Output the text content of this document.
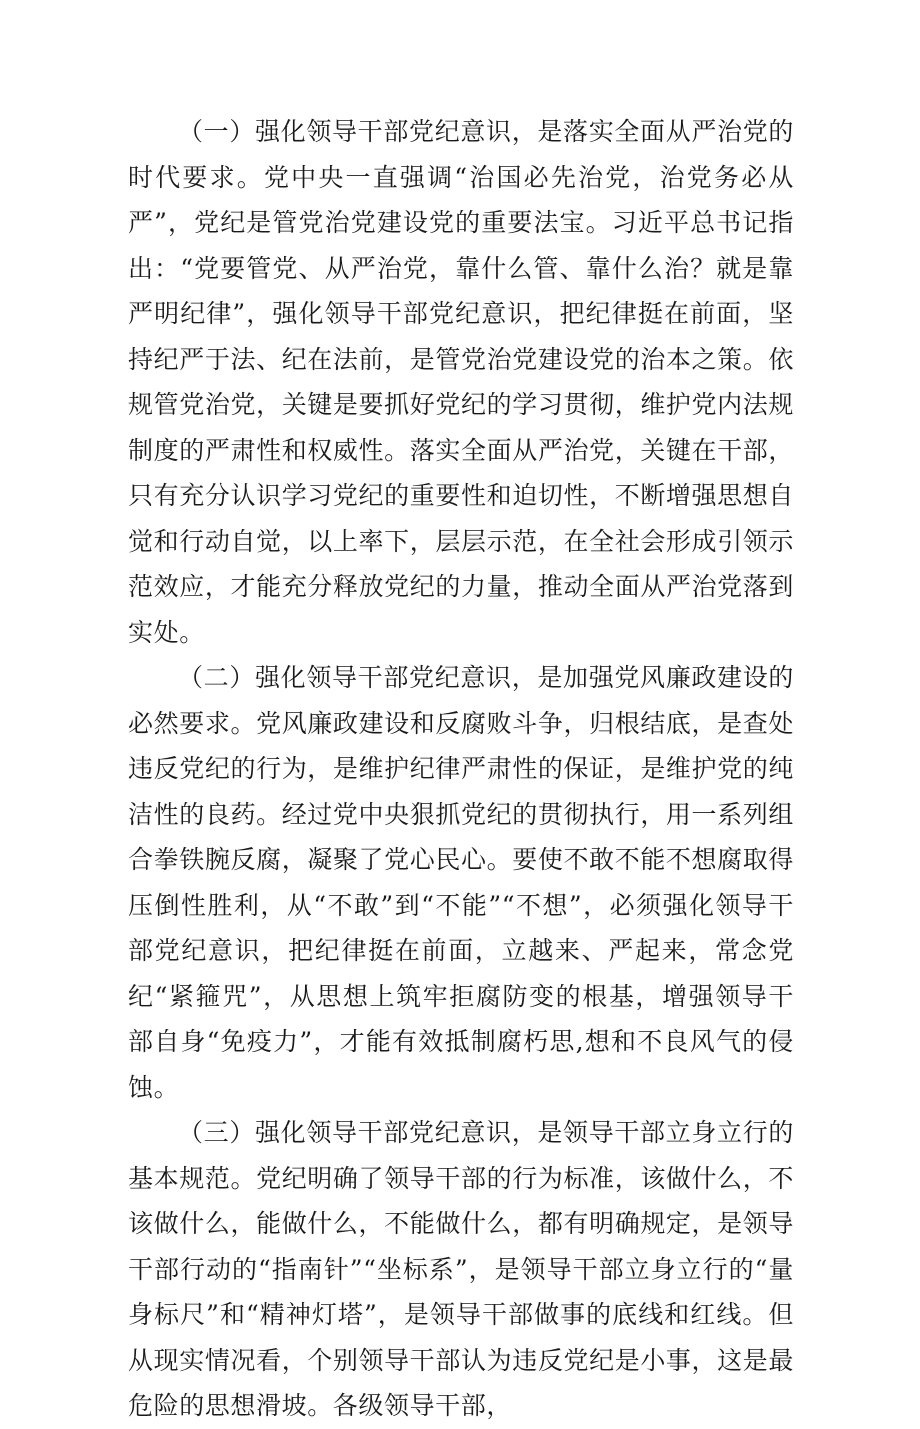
（一）强化领导干部党纪意识，是落实全面从严治党的时代要求。党中央一直强调“治国必先治党，治党务必从严”，党纪是管党治党建设党的重要法宝。习近平总书记指出：“党要管党、从严治党，靠什么管、靠什么治？就是靠严明纪律”，强化领导干部党纪意识，把纪律挺在前面，坚持纪严于法、纪在法前，是管党治党建设党的治本之策。依规管党治党，关键是要抓好党纪的学习贯彻，维护党内法规制度的严肃性和权威性。落实全面从严治党，关键在干部，只有充分认识学习党纪的重要性和迫切性，不断增强思想自觉和行动自觉，以上率下，层层示范，在全社会形成引领示范效应，才能充分释放党纪的力量，推动全面从严治党落到实处。

（二）强化领导干部党纪意识，是加强党风廉政建设的必然要求。党风廉政建设和反腐败斗争，归根结底，是查处违反党纪的行为，是维护纪律严肃性的保证，是维护党的纯洁性的良药。经过党中央狠抓党纪的贯彻执行，用一系列组合拳铁腕反腐，凝聚了党心民心。要使不敢不能不想腐取得压倒性胜利，从“不敢”到“不能”“不想”，必须强化领导干部党纪意识，把纪律挺在前面，立越来、严起来，常念党纪“紧箍咒”，从思想上筑牢拒腐防变的根基，增强领导干部自身“免疫力”，才能有效抵制腐朽思,想和不良风气的侵蚀。

（三）强化领导干部党纪意识，是领导干部立身立行的基本规范。党纪明确了领导干部的行为标准，该做什么，不该做什么，能做什么，不能做什么，都有明确规定，是领导干部行动的“指南针”“坐标系”，是领导干部立身立行的“量身标尺”和“精神灯塔”，是领导干部做事的底线和红线。但从现实情况看，个别领导干部认为违反党纪是小事，这是最危险的思想滑坡。各级领导干部，
